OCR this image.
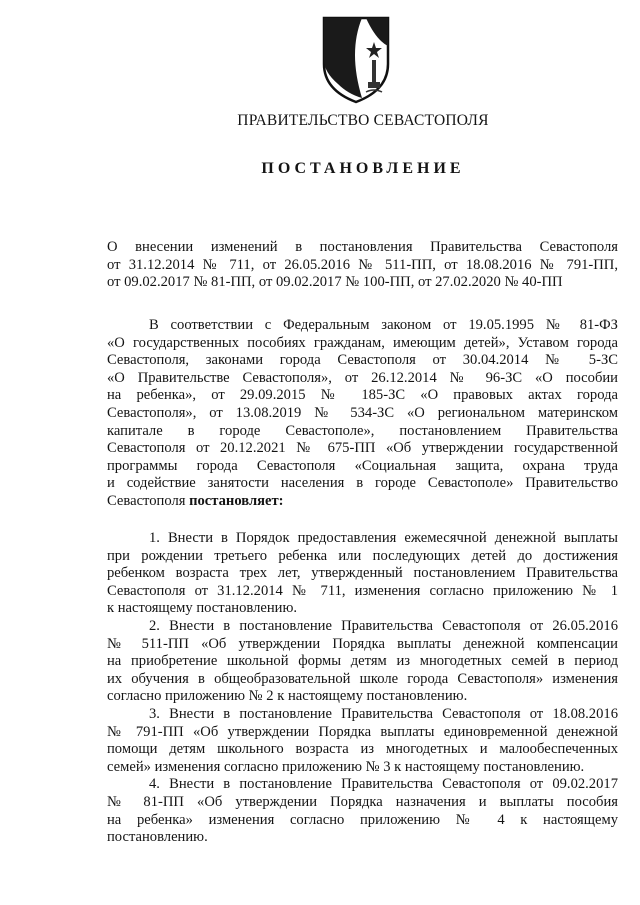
ПРАВИТЕЛЬСТВО СЕВАСТОПОЛЯ
ПОСТАНОВЛЕНИЕ

О внесении изменений в постановления Правительства Севастополя

от 31.12.2014 № 711, от 26.05.2016 № 511-ПП, от 18.08.2016 № 791-ПП,

от 09.02.2017 № 81-ПП, от 09.02.2017 № 100-ПП, от 27.02.2020 № 40-ПП

В соответствии с Федеральным законом от 19.05.1995 № 81-ФЗ

«О государственных пособиях гражданам, имеющим детей», Уставом города

Севастополя, законами города Севастополя от 30.04.2014 № 5-ЗС

«О Правительстве Севастополя», от 26.12.2014 № 96-ЗС «О пособии

на ребенка», от 29.09.2015 № 185-ЗС «О правовых актах города

Севастополя», от 13.08.2019 № 534-ЗС «О региональном материнском

капитале в городе Севастополе», постановлением Правительства

Севастополя от 20.12.2021 № 675-ПП «Об утверждении государственной

программы города Севастополя «Социальная защита, охрана труда

и содействие занятости населения в городе Севастополе» Правительство

Севастополя постановляет:

1. Внести в Порядок предоставления ежемесячной денежной выплаты

при рождении третьего ребенка или последующих детей до достижения

ребенком возраста трех лет, утвержденный постановлением Правительства

Севастополя от 31.12.2014 № 711, изменения согласно приложению № 1

к настоящему постановлению.

2. Внести в постановление Правительства Севастополя от 26.05.2016

№ 511-ПП «Об утверждении Порядка выплаты денежной компенсации

на приобретение школьной формы детям из многодетных семей в период

их обучения в общеобразовательной школе города Севастополя» изменения

согласно приложению № 2 к настоящему постановлению.

3. Внести в постановление Правительства Севастополя от 18.08.2016

№ 791-ПП «Об утверждении Порядка выплаты единовременной денежной

помощи детям школьного возраста из многодетных и малообеспеченных

семей» изменения согласно приложению № 3 к настоящему постановлению.

4. Внести в постановление Правительства Севастополя от 09.02.2017

№ 81-ПП «Об утверждении Порядка назначения и выплаты пособия

на ребенка» изменения согласно приложению № 4 к настоящему

постановлению.
